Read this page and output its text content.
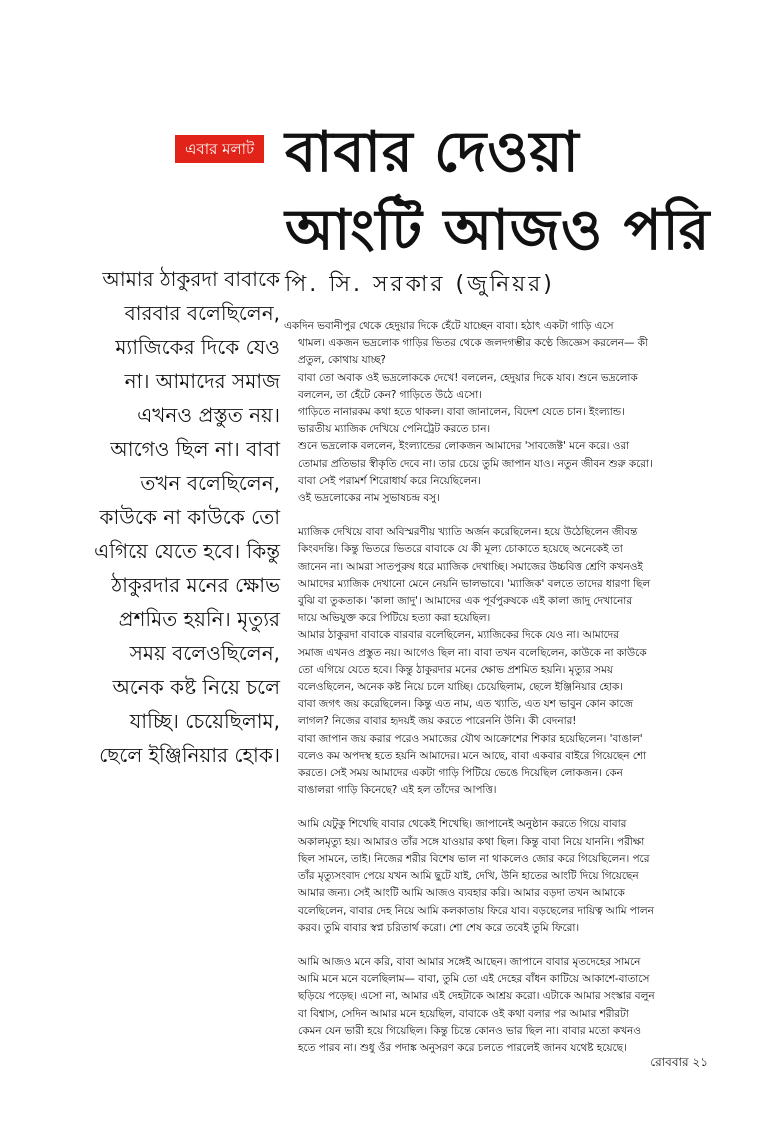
এবার মলাট বাবার দেওয়া
আংটি আজও পরি
পি. সি. সরকার (জুনিয়র)
আমার ঠাকুরদা বাবাকে
বারবার বলেছিলেন,
ম্যাজিকের দিকে যেও
না। আমাদের সমাজ
এখনও প্রস্তুত নয়।
আগেও ছিল না। বাবা
তখন বলেছিলেন,
কাউকে না কাউকে তো
এগিয়ে যেতে হবে। কিন্তু
ঠাকুরদার মনের ক্ষোভ
প্রশমিত হয়নি। মৃত্যুর
সময় বলেওছিলেন,
অনেক কষ্ট নিয়ে চলে
যাচ্ছি। চেয়েছিলাম,
ছেলে ইঞ্জিনিয়ার হোক।

একদিন ভবানীপুর থেকে হেদুয়ার দিকে হেঁটে যাচ্ছেন বাবা। হঠাৎ একটা গাড়ি এসে

থামল। একজন ভদ্রলোক গাড়ির ভিতর থেকে জলদগম্ভীর কণ্ঠে জিজ্ঞেস করলেন— কী

প্রতুল, কোথায় যাচ্ছ?

বাবা তো অবাক ওই ভদ্রলোককে দেখে! বললেন, হেদুয়ার দিকে যাব। শুনে ভদ্রলোক

বললেন, তা হেঁটে কেন? গাড়িতে উঠে এসো।

গাড়িতে নানারকম কথা হতে থাকল। বাবা জানালেন, বিদেশ যেতে চান। ইংল্যান্ড।

ভারতীয় ম্যাজিক দেখিয়ে পেনিট্রেট করতে চান।

শুনে ভদ্রলোক বললেন, ইংল্যান্ডের লোকজন আমাদের 'সাবজেক্ট' মনে করে। ওরা

তোমার প্রতিভার স্বীকৃতি দেবে না। তার চেয়ে তুমি জাপান যাও। নতুন জীবন শুরু করো।

বাবা সেই পরামর্শ শিরোধার্য করে নিয়েছিলেন।

ওই ভদ্রলোকের নাম সুভাষচন্দ্র বসু।

ম্যাজিক দেখিয়ে বাবা অবিস্মরণীয় খ্যাতি অর্জন করেছিলেন। হয়ে উঠেছিলেন জীবন্ত

কিংবদন্তি। কিন্তু ভিতরে ভিতরে বাবাকে যে কী মূল্য চোকাতে হয়েছে অনেকেই তা

জানেন না। আমরা সাতপুরুষ ধরে ম্যাজিক দেখাচ্ছি। সমাজের উচ্চবিত্ত শ্রেণি কখনওই

আমাদের ম্যাজিক দেখানো মেনে নেয়নি ভালভাবে। 'ম্যাজিক' বলতে তাদের ধারণা ছিল

বুঝি বা তুকতাক। 'কালা জাদু'। আমাদের এক পূর্বপুরুষকে এই কালা জাদু দেখানোর

দায়ে অভিযুক্ত করে পিটিয়ে হত্যা করা হয়েছিল।

আমার ঠাকুরদা বাবাকে বারবার বলেছিলেন, ম্যাজিকের দিকে যেও না। আমাদের

সমাজ এখনও প্রস্তুত নয়। আগেও ছিল না। বাবা তখন বলেছিলেন, কাউকে না কাউকে

তো এগিয়ে যেতে হবে। কিন্তু ঠাকুরদার মনের ক্ষোভ প্রশমিত হয়নি। মৃত্যুর সময়

বলেওছিলেন, অনেক কষ্ট নিয়ে চলে যাচ্ছি। চেয়েছিলাম, ছেলে ইঞ্জিনিয়ার হোক।

বাবা জগৎ জয় করেছিলেন। কিন্তু এত নাম, এত খ্যাতি, এত যশ ভাবুন কোন কাজে

লাগল? নিজের বাবার হৃদয়ই জয় করতে পারেননি উনি। কী বেদনার!

বাবা জাপান জয় করার পরেও সমাজের যৌথ আক্রোশের শিকার হয়েছিলেন। 'বাঙাল'

বলেও কম অপদস্থ হতে হয়নি আমাদের। মনে আছে, বাবা একবার বাইরে গিয়েছেন শো

করতে। সেই সময় আমাদের একটা গাড়ি পিটিয়ে ভেঙে দিয়েছিল লোকজন। কেন

বাঙালরা গাড়ি কিনেছে? এই হল তাঁদের আপত্তি।

আমি যেটুকু শিখেছি বাবার থেকেই শিখেছি। জাপানেই অনুষ্ঠান করতে গিয়ে বাবার

অকালমৃত্যু হয়। আমারও তাঁর সঙ্গে যাওয়ার কথা ছিল। কিন্তু বাবা নিয়ে যাননি। পরীক্ষা

ছিল সামনে, তাই। নিজের শরীর বিশেষ ভাল না থাকলেও জোর করে গিয়েছিলেন। পরে

তাঁর মৃত্যুসংবাদ পেয়ে যখন আমি ছুটে যাই, দেখি, উনি হাতের আংটি দিয়ে গিয়েছেন

আমার জন্য। সেই আংটি আমি আজও ব্যবহার করি। আমার বড়দা তখন আমাকে

বলেছিলেন, বাবার দেহ নিয়ে আমি কলকাতায় ফিরে যাব। বড়ছেলের দায়িত্ব আমি পালন

করব। তুমি বাবার স্বপ্ন চরিতার্থ করো। শো শেষ করে তবেই তুমি ফিরো।

আমি আজও মনে করি, বাবা আমার সঙ্গেই আছেন। জাপানে বাবার মৃতদেহের সামনে

আমি মনে মনে বলেছিলাম— বাবা, তুমি তো এই দেহের বাঁধন কাটিয়ে আকাশে-বাতাসে

ছড়িয়ে পড়েছ। এসো না, আমার এই দেহটাকে আশ্রয় করো। এটাকে আমার সংস্কার বলুন

বা বিশ্বাস, সেদিন আমার মনে হয়েছিল, বাবাকে ওই কথা বলার পর আমার শরীরটা

কেমন যেন ভারী হয়ে গিয়েছিল। কিন্তু চিন্তে কোনও ভার ছিল না। বাবার মতো কখনও

হতে পারব না। শুধু ওঁর পদাঙ্ক অনুসরণ করে চলতে পারলেই জানব যথেষ্ট হয়েছে।

রোববার ২১
